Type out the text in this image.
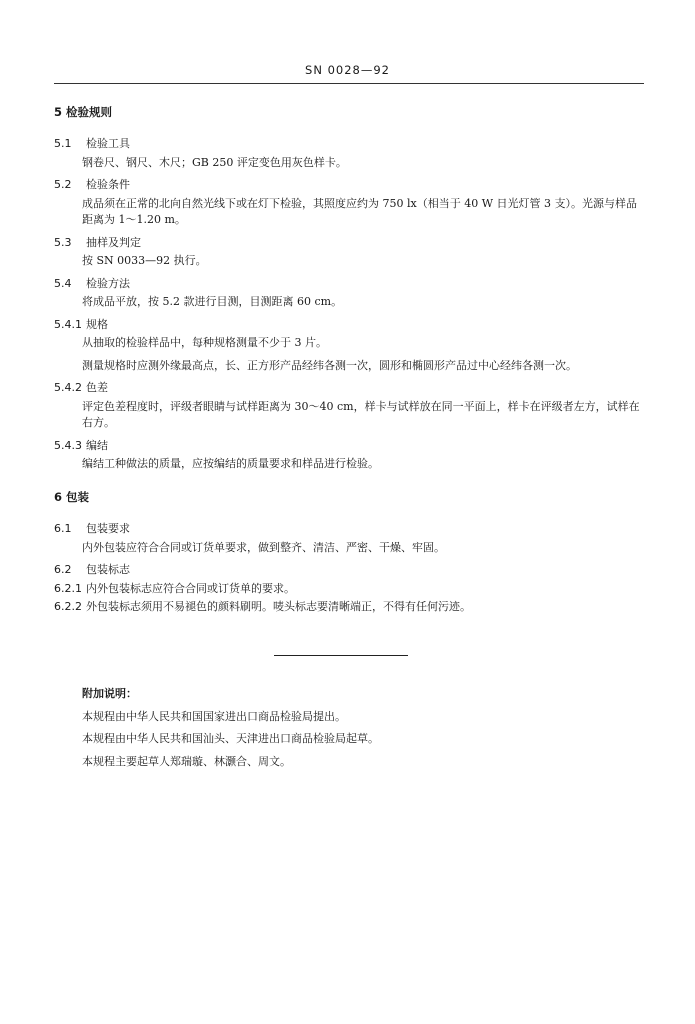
SN 0028—92
5 检验规则
5.1 检验工具
钢卷尺、钢尺、木尺；GB 250 评定变色用灰色样卡。
5.2 检验条件
成品须在正常的北向自然光线下或在灯下检验，其照度应约为 750 lx（相当于 40 W 日光灯管 3 支）。光源与样品距离为 1～1.20 m。
5.3 抽样及判定
按 SN 0033—92 执行。
5.4 检验方法
将成品平放，按 5.2 款进行目测，目测距离 60 cm。
5.4.1 规格
从抽取的检验样品中，每种规格测量不少于 3 片。
测量规格时应测外缘最高点，长、正方形产品经纬各测一次，圆形和椭圆形产品过中心经纬各测一次。
5.4.2 色差
评定色差程度时，评级者眼睛与试样距离为 30～40 cm，样卡与试样放在同一平面上，样卡在评级者左方，试样在右方。
5.4.3 编结
编结工种做法的质量，应按编结的质量要求和样品进行检验。
6 包装
6.1 包装要求
内外包装应符合合同或订货单要求，做到整齐、清洁、严密、干燥、牢固。
6.2 包装标志
6.2.1 内外包装标志应符合合同或订货单的要求。
6.2.2 外包装标志须用不易褪色的颜料刷明。唛头标志要清晰端正，不得有任何污迹。
附加说明：
本规程由中华人民共和国国家进出口商品检验局提出。
本规程由中华人民共和国汕头、天津进出口商品检验局起草。
本规程主要起草人郑瑞璇、林灏合、周文。
